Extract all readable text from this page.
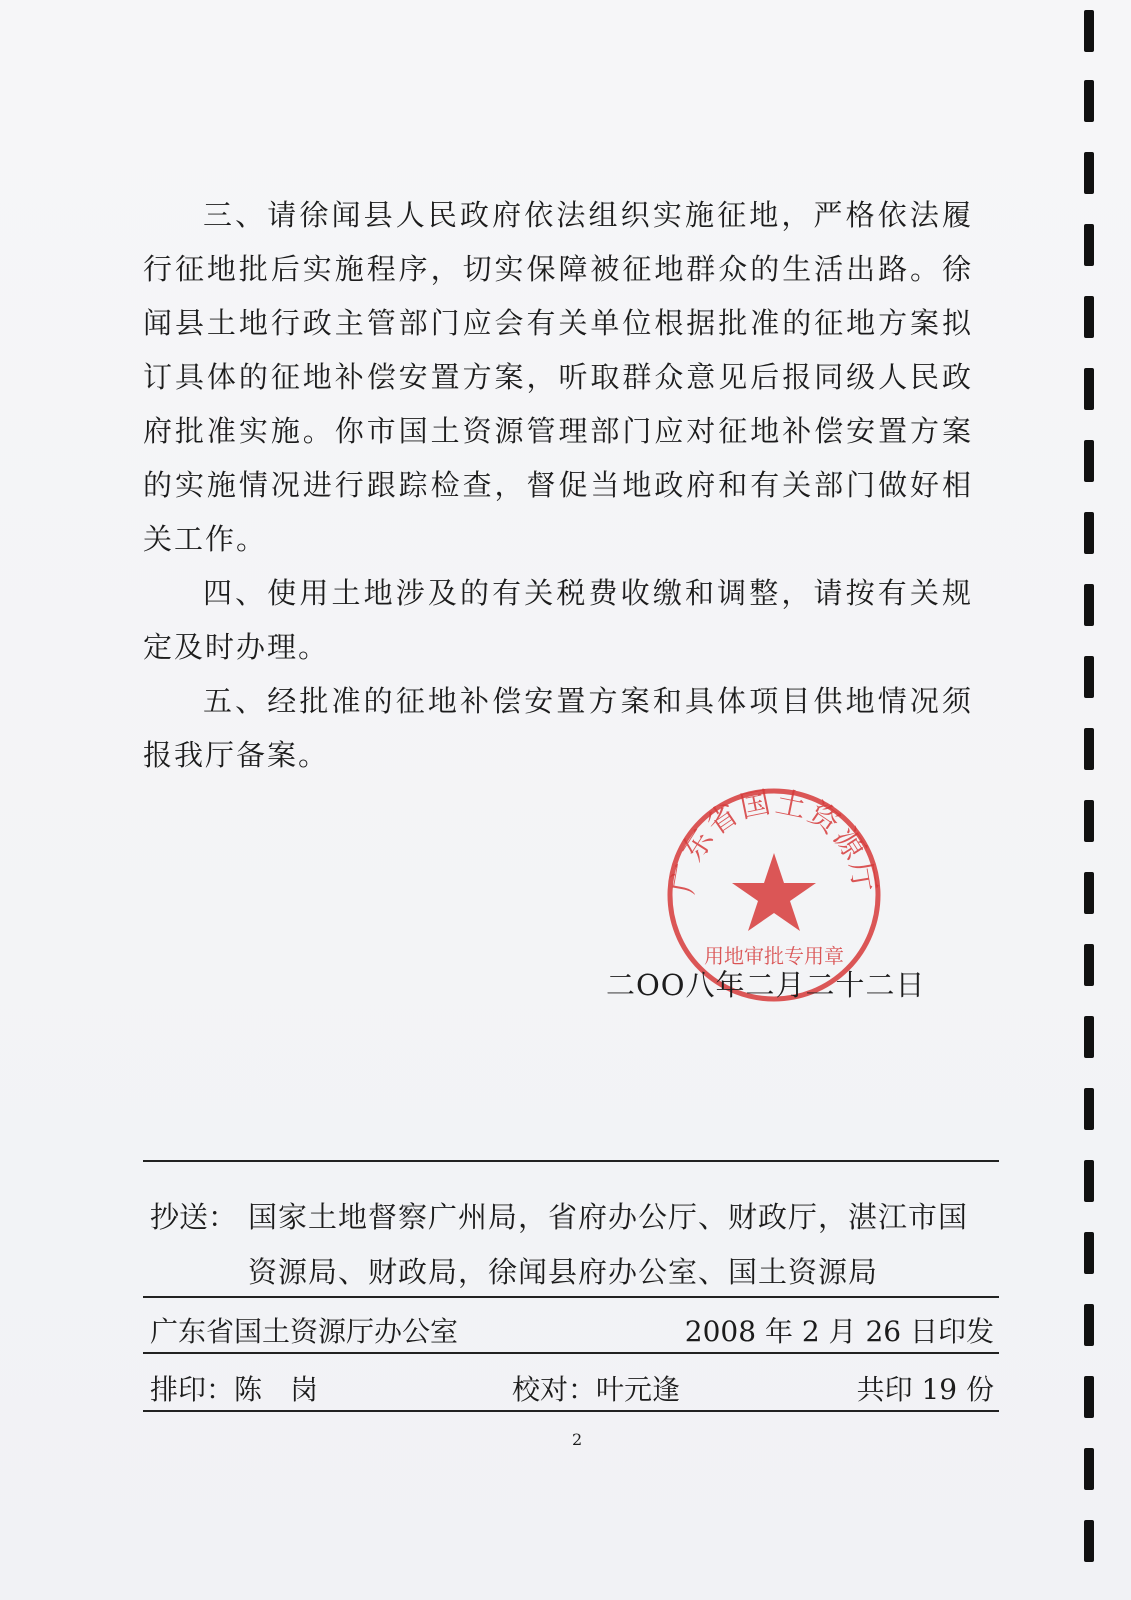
三、请徐闻县人民政府依法组织实施征地，严格依法履行征地批后实施程序，切实保障被征地群众的生活出路。徐闻县土地行政主管部门应会有关单位根据批准的征地方案拟订具体的征地补偿安置方案，听取群众意见后报同级人民政府批准实施。你市国土资源管理部门应对征地补偿安置方案的实施情况进行跟踪检查，督促当地政府和有关部门做好相关工作。

四、使用土地涉及的有关税费收缴和调整，请按有关规定及时办理。

五、经批准的征地补偿安置方案和具体项目供地情况须报我厅备案。

广东省国土资源厅
用地审批专用章
二OO八年二月二十二日
抄送： 国家土地督察广州局，省府办公厅、财政厅，湛江市国
资源局、财政局，徐闻县府办公室、国土资源局
广东省国土资源厅办公室	2008 年 2 月 26 日印发
排印：陈　岗	校对：叶元逢	共印 19 份
2
